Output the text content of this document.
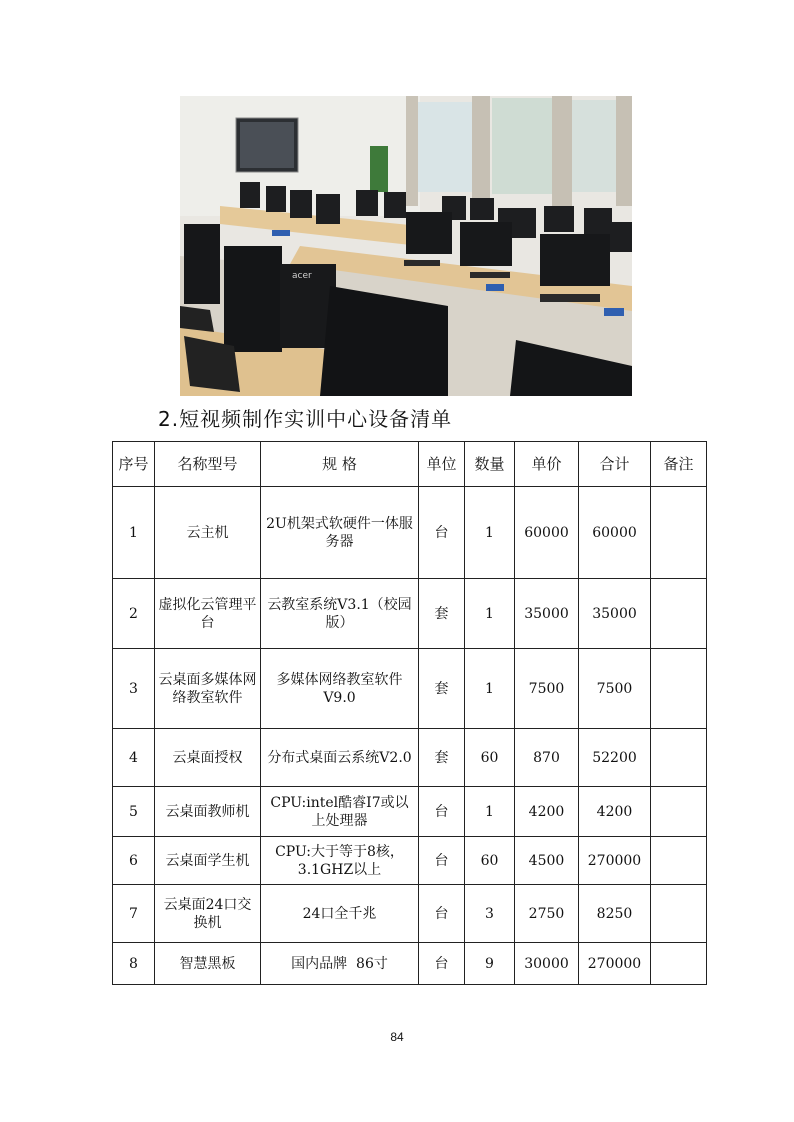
acer
2.短视频制作实训中心设备清单
序号	名称型号	规 格	单位	数量	单价	合计	备注
1	云主机	2U机架式软硬件一体服务器	台	1	60000	60000	
2	虚拟化云管理平台	云教室系统V3.1（校园版）	套	1	35000	35000	
3	云桌面多媒体网络教室软件	多媒体网络教室软件V9.0	套	1	7500	7500	
4	云桌面授权	分布式桌面云系统V2.0	套	60	870	52200	
5	云桌面教师机	CPU:intel酷睿I7或以上处理器	台	1	4200	4200	
6	云桌面学生机	CPU:大于等于8核，3.1GHZ以上	台	60	4500	270000	
7	云桌面24口交换机	24口全千兆	台	3	2750	8250	
8	智慧黑板	国内品牌  86寸	台	9	30000	270000	
84
